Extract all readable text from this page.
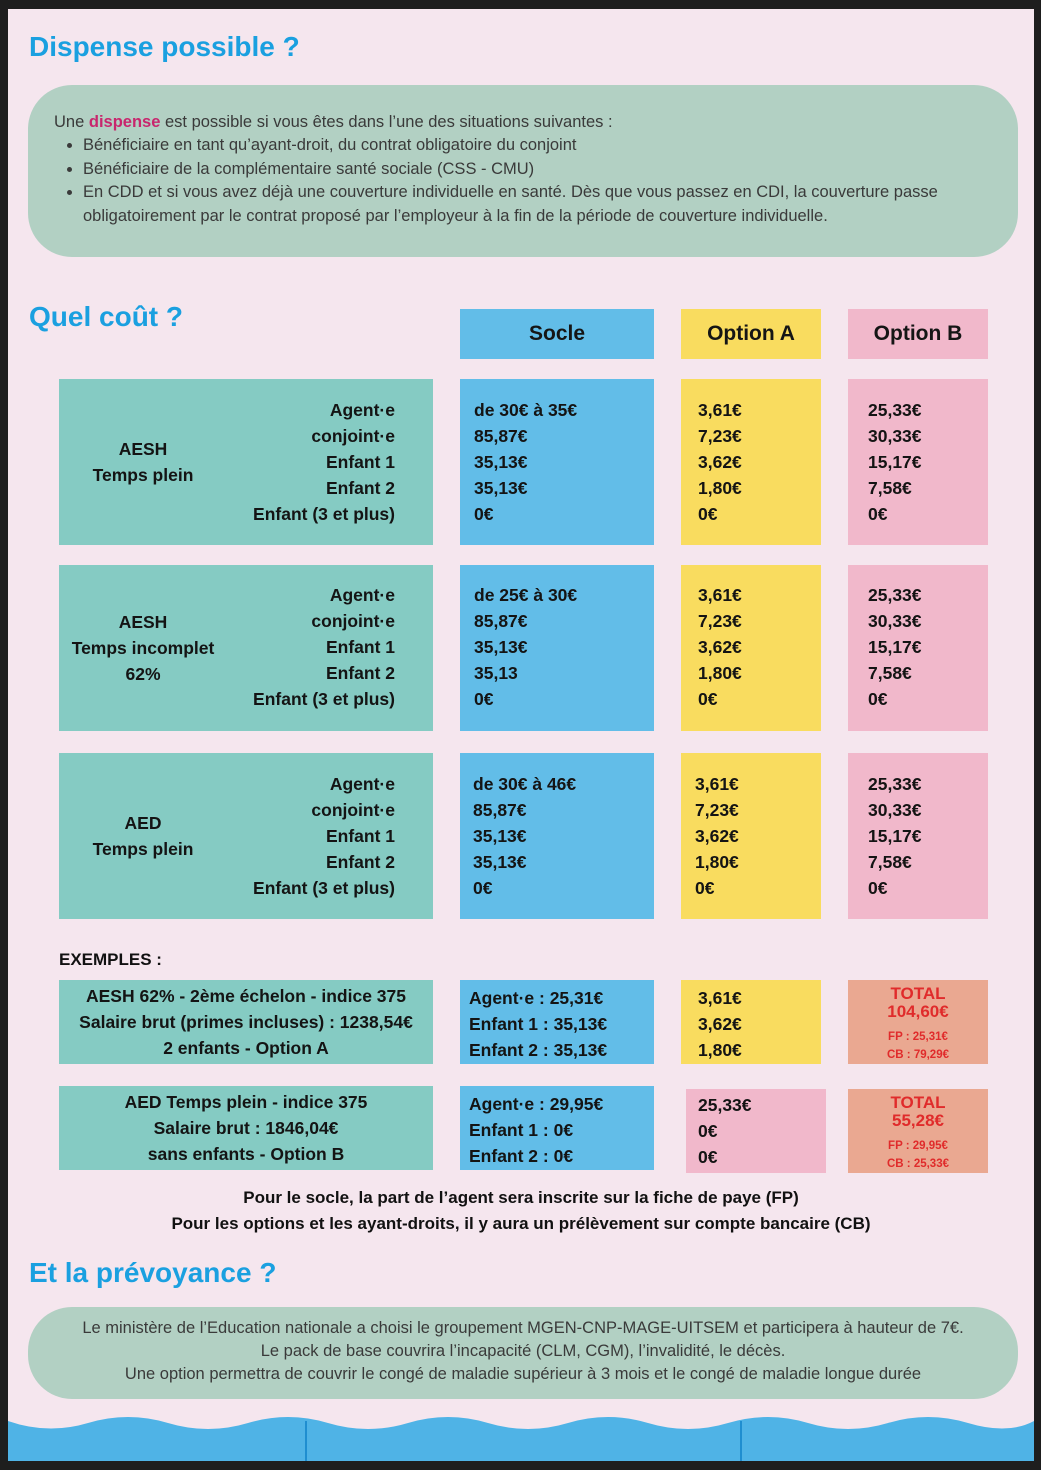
Dispense possible ?

Une dispense est possible si vous êtes dans l’une des situations suivantes :

• Bénéficiaire en tant qu’ayant-droit, du contrat obligatoire du conjoint
• Bénéficiaire de la complémentaire santé sociale (CSS - CMU)
• En CDD et si vous avez déjà une couverture individuelle en santé. Dès que vous passez en CDI, la couverture passe obligatoirement par le contrat proposé par l’employeur à la fin de la période de couverture individuelle.
Quel coût ?
Socle	Option A	Option B
AESH
Temps plein
Agent·e
conjoint·e
Enfant 1
Enfant 2
Enfant (3 et plus)
de 30€ à 35€
85,87€
35,13€
35,13€
0€
3,61€
7,23€
3,62€
1,80€
0€
25,33€
30,33€
15,17€
7,58€
0€
AESH
Temps incomplet
62%
Agent·e
conjoint·e
Enfant 1
Enfant 2
Enfant (3 et plus)
de 25€ à 30€
85,87€
35,13€
35,13
0€
3,61€
7,23€
3,62€
1,80€
0€
25,33€
30,33€
15,17€
7,58€
0€
AED
Temps plein
Agent·e
conjoint·e
Enfant 1
Enfant 2
Enfant (3 et plus)
de 30€ à 46€
85,87€
35,13€
35,13€
0€
3,61€
7,23€
3,62€
1,80€
0€
25,33€
30,33€
15,17€
7,58€
0€
EXEMPLES :
AESH 62% - 2ème échelon - indice 375
Salaire brut (primes incluses) : 1238,54€
2 enfants - Option A
Agent·e : 25,31€
Enfant 1 : 35,13€
Enfant 2 : 35,13€
3,61€
3,62€
1,80€
TOTAL
104,60€
FP : 25,31€
CB : 79,29€
AED Temps plein - indice 375
Salaire brut : 1846,04€
sans enfants - Option B
Agent·e : 29,95€
Enfant 1 : 0€
Enfant 2 : 0€
25,33€
0€
0€
TOTAL
55,28€
FP : 29,95€
CB : 25,33€
Pour le socle, la part de l’agent sera inscrite sur la fiche de paye (FP)
Pour les options et les ayant-droits, il y aura un prélèvement sur compte bancaire (CB)
Et la prévoyance ?

Le ministère de l’Education nationale a choisi le groupement MGEN-CNP-MAGE-UITSEM et participera à hauteur de 7€.

Le pack de base couvrira l’incapacité (CLM, CGM), l’invalidité, le décès.

Une option permettra de couvrir le congé de maladie supérieur à 3 mois et le congé de maladie longue durée
